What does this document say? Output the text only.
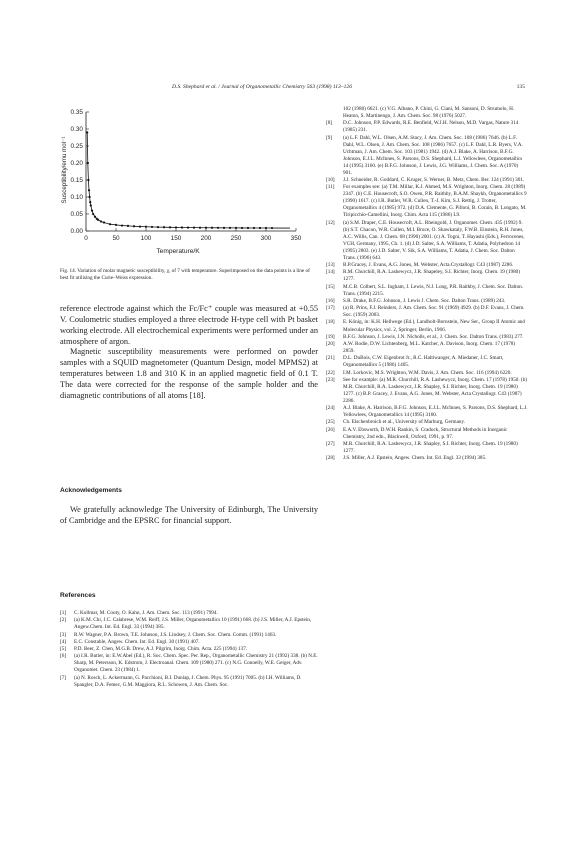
D.S. Shephard et al. / Journal of Organometallic Chemistry 563 (1998) 113–126	135
0	50	100	150	200	250	300	350
0.00
0.05
0.10
0.15
0.20
0.25
0.30
0.35
Temperature/K
Susceptibility/emu mol⁻¹

Fig. 14. Variation of molar magnetic susceptibility, χ, of 7 with temperature. Superimposed on the data points is a line of best fit utilising the Curie–Weiss expression.

reference electrode against which the Fc/Fc⁺ couple was measured at +0.55 V. Coulometric studies employed a three electrode H-type cell with Pt basket working electrode. All electrochemical experiments were performed under an atmosphere of argon.

Magnetic susceptibility measurements were performed on powder samples with a SQUID magnetometer (Quantum Design, model MPMS2) at temperatures between 1.8 and 310 K in an applied magnetic field of 0.1 T. The data were corrected for the response of the sample holder and the diamagnetic contributions of all atoms [18].

Acknowledgements

We gratefully acknowledge The University of Edinburgh, The University of Cambridge and the EPSRC for financial support.

References
[1] C. Kollmar, M. Couty, O. Kahn, J. Am. Chem. Soc. 113 (1991) 7994.
[2] (a) K.M. Chi, J.C. Calabrese, W.M. Reiff, J.S. Miller, Organometallics 10 (1991) 668. (b) J.S. Miller, A.J. Epstein, Angew.Chem. Int. Ed. Engl. 33 (1994) 385.
[3] R.W. Wagner, P.A. Brown, T.E. Johnson, J.S. Lindsey, J. Chem. Soc. Chem. Comm. (1991) 1463.
[4] E.C. Constable, Angew. Chem. Int. Ed. Engl. 30 (1991) 407.
[5] P.D. Beer, Z. Chen, M.G.B. Drew, A.J. Pilgrim, Inorg. Chim. Acta. 225 (1994) 137.
[6] (a) I.R. Butler, in: E.W.Abel (Ed.), R. Soc. Chem. Spec. Per. Rep., Organometallic Chemistry 21 (1992) 338. (b) N.E. Sharp, M. Petersson, K. Edstrom, J. Electroanal. Chem. 109 (1980) 271. (c) N.G. Connelly, W.E. Geiger, Adv. Organomet. Chem. 23 (1984) 1.
[7] (a) N. Rosch, L. Ackermann, G. Pacchioni, B.I. Dunlap, J. Chem. Phys. 95 (1991) 7005. (b) I.H. Williams, D. Spangler, D.A. Femec, G.M. Maggiora, R.L. Schowen, J. Am. Chem. Soc.
102 (1980) 6621. (c) V.G. Albano, P. Chini, G. Ciani, M. Sansoni, D. Strumolo, H. Heaton, S. Martinengo, J. Am. Chem. Soc. 98 (1976) 5027.
[8] D.C. Johnson, P.P. Edwards, R.E. Benfield, W.J.H. Nelson, M.D. Vargas, Nature 314 (1985) 231.
[9] (a) L.F. Dahl, W.L. Olsen, A.M. Stacy, J. Am. Chem. Soc. 108 (1986) 7646. (b) L.F. Dahl, W.L. Olsen, J. Am. Chem. Soc. 108 (1986) 7657. (c) L.F. Dahl, L.R. Byers, V.A. Uchtman, J. Am. Chem. Soc. 103 (1981) 1942. (d) A.J. Blake, A. Harrison, B.F.G. Johnson, E.J.L. McInnes, S. Parsons, D.S. Shephard, L.J. Yellowlees, Organometallics 14 (1995) 3160. (e) B.F.G. Johnson, J. Lewis, J.G. Williams, J. Chem. Soc. A (1970) 901.
[10] J.J. Schneider, R. Goddard, C. Kruger, S. Werner, B. Metz, Chem. Ber. 124 (1991) 301.
[11] For examples see: (a) T.M. Millar, K.J. Ahmed, M.S. Wrighton, Inorg. Chem. 28 (1989) 2347. (b) C.E. Housecroft, S.O. Owen, P.R. Raithby, B.A.M. Shaykh, Organometallics 9 (1990) 1617. (c) I.R. Butler, W.R. Cullen, T.-J. Kim, S.J. Rettig, J. Trotter, Organometallics 4 (1985) 972. (d) D.A. Clemente, G. Pilloni, B. Corain, B. Longato, M. Tiripicchio-Camellini, Inorg. Chim. Acta 115 (1986) L9.
[12] (a) S.M. Draper, C.E. Housecroft, A.L. Rheingold, J. Organomet. Chem. 435 (1992) 9. (b) S.T. Chacon, W.R. Cullen, M.I. Bruce, O. Shawkataly, F.W.B. Einstein, R.H. Jones, A.C. Willis, Can. J. Chem. 68 (1990) 2001. (c) A. Togni, T. Hayashi (Eds.), Ferrocenes, VCH, Germany, 1995, Ch. 1. (d) J.D. Salter, S.A. Williams, T. Adatia, Polyhedron 14 (1995) 2803. (e) J.D. Salter, V. Sik, S.A. Williams, T. Adatia, J. Chem. Soc. Dalton Trans. (1996) 643.
[13] B.P.Gracey, J. Evans, A.G. Jones, M. Webster, Acta.Crystallogr. C43 (1987) 2286.
[14] R.M. Churchill, R.A. Lashewycz, J.R. Shapeley, S.I. Richter, Inorg. Chem. 19 (1980) 1277.
[15] M.C.B. Colbert, S.L. Ingham, J. Lewis, N.J. Long, P.R. Raithby, J. Chem. Soc. Dalton. Trans. (1994) 2215.
[16] S.R. Drake, B.F.G. Johnson, J. Lewis J. Chem. Soc. Dalton Trans. (1989) 243.
[17] (a) R. Prins, F.J. Reinders, J. Am. Chem. Soc. 91 (1969) 4929. (b) D.F. Evans, J. Chem. Soc. (1959) 2003.
[18] E. König, in: K.H. Hellwege (Ed.), Landholt-Bornstein, New Ser., Group II Atomic and Molecular Physics, vol. 2, Springer, Berlin, 1966.
[19] B.F.G. Johnson, J. Lewis, J.N. Nicholls, et al., J. Chem. Soc. Dalton Trans. (1983) 277.
[20] A.W. Rodie, D.W. Lichtenberg, M.L. Katcher, A. Davison, Inorg. Chem. 17 (1978) 2859.
[21] D.L. DuBois, C.W. Eigenbrot Jr., R.C. Haltiwanger, A. Miedaner, J.C. Smart, Organometallics 5 (1986) 1405.
[22] I.M. Lorkovic, M.S. Wrighton, W.M. Davis, J. Am. Chem. Soc. 116 (1994) 6220.
[23] See for example: (a) M.R. Churchill, R.A. Lashewycz, Inorg. Chem. 17 (1978) 1950. (b) M.R. Churchill, R.A. Lashewycz, J.R. Shapley, S.I. Richter, Inorg. Chem. 19 (1980) 1277. (c) B.P. Gracey, J. Evans, A.G. Jones, M. Webster, Acta Crystallogr. C43 (1987) 2286.
[24] A.J. Blake, A. Harrison, B.F.G. Johnson, E.J.L. McInnes, S. Parsons, D.S. Shephard, L.J. Yellowlees, Organometallics 14 (1995) 3160.
[25] Ch. Elschenbroich et al., University of Marburg, Germany.
[26] E.A.V. Ebsworth, D.W.H. Rankin, S. Cradock, Structural Methods in Inorganic Chemistry, 2nd edn., Blackwell, Oxford, 1991, p. 97.
[27] M.R. Churchill, R.A. Lashewycz, J.R. Shapley, S.I. Richter, Inorg. Chem. 19 (1980) 1277.
[28] J.S. Miller, A.J. Epstein, Angew. Chem. Int. Ed. Engl. 33 (1994) 385.
